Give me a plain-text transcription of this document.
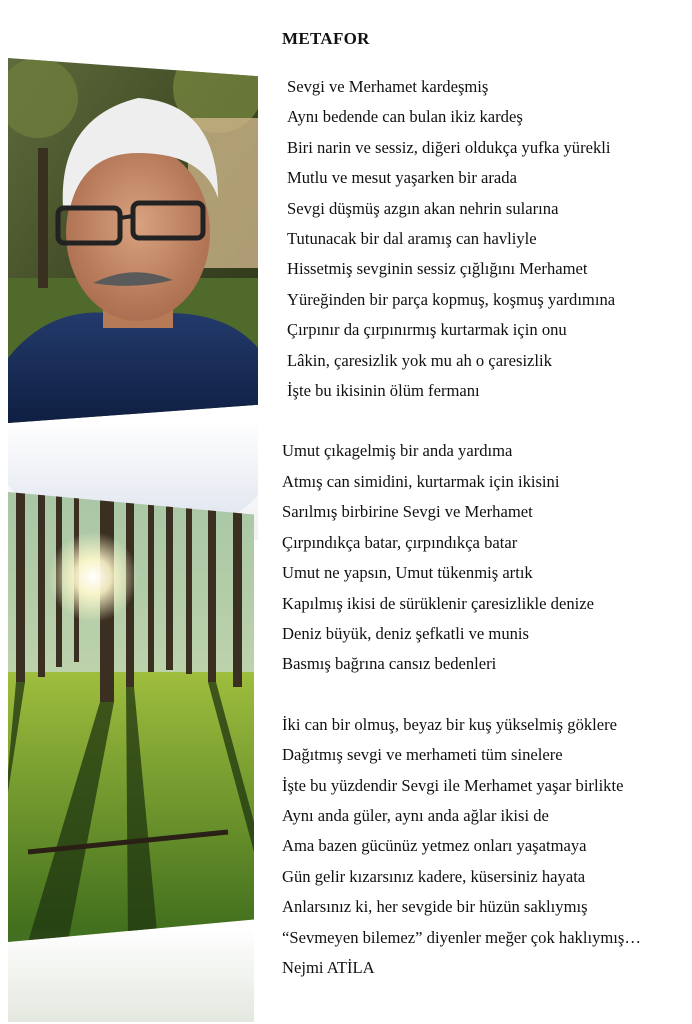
METAFOR
Sevgi ve Merhamet kardeşmiş
Aynı bedende can bulan ikiz kardeş
Biri narin ve sessiz, diğeri oldukça yufka yürekli
Mutlu ve mesut yaşarken bir arada
Sevgi düşmüş azgın akan nehrin sularına
Tutunacak bir dal aramış can havliyle
Hissetmiş sevginin sessiz çığlığını Merhamet
Yüreğinden bir parça kopmuş, koşmuş yardımına
Çırpınır da çırpınırmış kurtarmak için onu
Lâkin, çaresizlik yok mu ah o çaresizlik
İşte bu ikisinin ölüm fermanı
Umut çıkagelmiş bir anda yardıma
Atmış can simidini, kurtarmak için ikisini
Sarılmış birbirine Sevgi ve Merhamet
Çırpındıkça batar, çırpındıkça batar
Umut ne yapsın, Umut tükenmiş artık
Kapılmış ikisi de sürüklenir çaresizlikle denize
Deniz büyük, deniz şefkatli ve munis
Basmış bağrına cansız bedenleri
İki can bir olmuş, beyaz bir kuş yükselmiş göklere
Dağıtmış sevgi ve merhameti tüm sinelere
İşte bu yüzdendir Sevgi ile Merhamet yaşar birlikte
Aynı anda güler, aynı anda ağlar ikisi de
Ama bazen gücünüz yetmez onları yaşatmaya
Gün gelir kızarsınız kadere, küsersiniz hayata
Anlarsınız ki, her sevgide bir hüzün saklıymış
“Sevmeyen bilemez” diyenler meğer çok haklıymış…
Nejmi ATİLA
